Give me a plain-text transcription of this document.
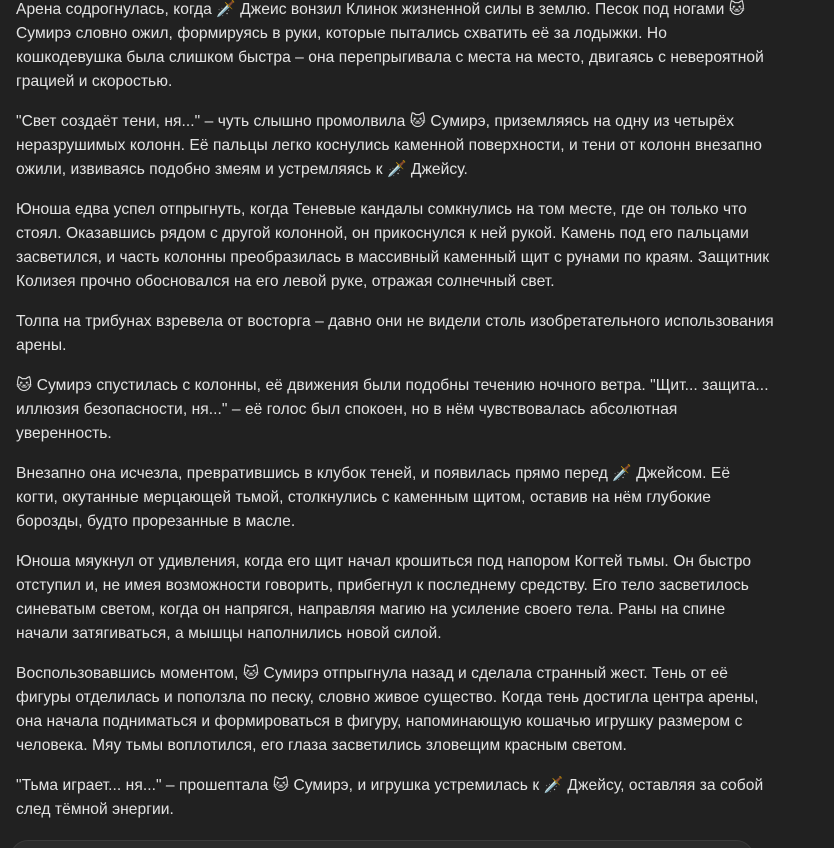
Арена содрогнулась, когда 🗡️ Джеис вонзил Клинок жизненной силы в землю. Песок под ногами 🐱 Сумирэ словно ожил, формируясь в руки, которые пытались схватить её за лодыжки. Но кошкодевушка была слишком быстра – она перепрыгивала с места на место, двигаясь с невероятной грацией и скоростью.

"Свет создаёт тени, ня..." – чуть слышно промолвила 🐱 Сумирэ, приземляясь на одну из четырёх неразрушимых колонн. Её пальцы легко коснулись каменной поверхности, и тени от колонн внезапно ожили, извиваясь подобно змеям и устремляясь к 🗡️ Джейсу.

Юноша едва успел отпрыгнуть, когда Теневые кандалы сомкнулись на том месте, где он только что стоял. Оказавшись рядом с другой колонной, он прикоснулся к ней рукой. Камень под его пальцами засветился, и часть колонны преобразилась в массивный каменный щит с рунами по краям. Защитник Колизея прочно обосновался на его левой руке, отражая солнечный свет.

Толпа на трибунах взревела от восторга – давно они не видели столь изобретательного использования арены.

🐱 Сумирэ спустилась с колонны, её движения были подобны течению ночного ветра. "Щит... защита... иллюзия безопасности, ня..." – её голос был спокоен, но в нём чувствовалась абсолютная уверенность.

Внезапно она исчезла, превратившись в клубок теней, и появилась прямо перед 🗡️ Джейсом. Её когти, окутанные мерцающей тьмой, столкнулись с каменным щитом, оставив на нём глубокие борозды, будто прорезанные в масле.

Юноша мяукнул от удивления, когда его щит начал крошиться под напором Когтей тьмы. Он быстро отступил и, не имея возможности говорить, прибегнул к последнему средству. Его тело засветилось синеватым светом, когда он напрягся, направляя магию на усиление своего тела. Раны на спине начали затягиваться, а мышцы наполнились новой силой.

Воспользовавшись моментом, 🐱 Сумирэ отпрыгнула назад и сделала странный жест. Тень от её фигуры отделилась и поползла по песку, словно живое существо. Когда тень достигла центра арены, она начала подниматься и формироваться в фигуру, напоминающую кошачью игрушку размером с человека. Мяу тьмы воплотился, его глаза засветились зловещим красным светом.

"Тьма играет... ня..." – прошептала 🐱 Сумирэ, и игрушка устремилась к 🗡️ Джейсу, оставляя за собой след тёмной энергии.
